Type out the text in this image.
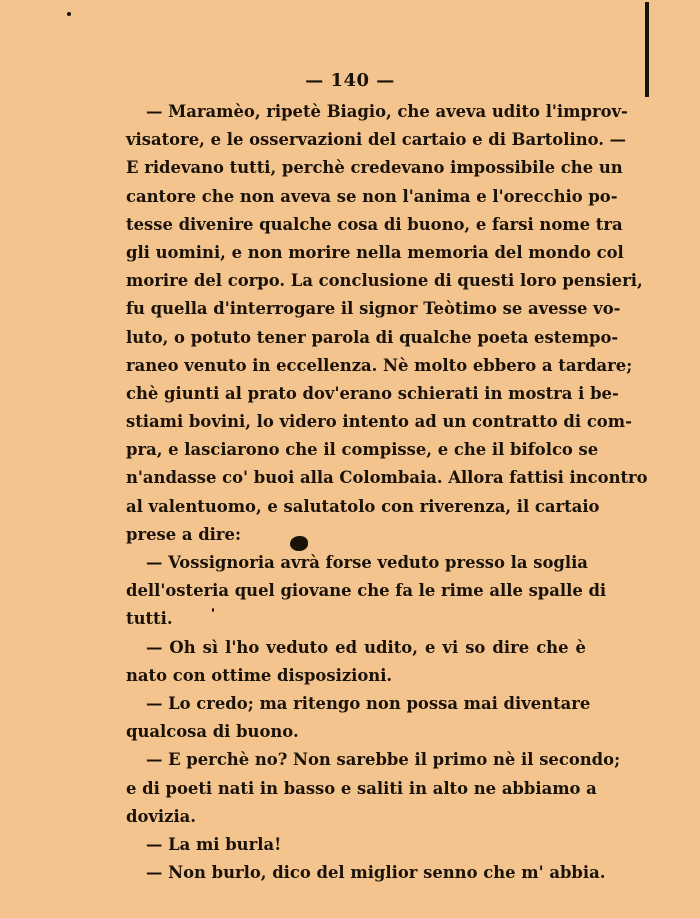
— 140 —
— Maramèo, ripetè Biagio, che aveva udito l'improv-
visatore, e le osservazioni del cartaio e di Bartolino. —
E ridevano tutti, perchè credevano impossibile che un
cantore che non aveva se non l'anima e l'orecchio po-
tesse divenire qualche cosa di buono, e farsi nome tra
gli uomini, e non morire nella memoria del mondo col
morire del corpo. La conclusione di questi loro pensieri,
fu quella d'interrogare il signor Teòtimo se avesse vo-
luto, o potuto tener parola di qualche poeta estempo-
raneo venuto in eccellenza. Nè molto ebbero a tardare;
chè giunti al prato dov'erano schierati in mostra i be-
stiami bovini, lo videro intento ad un contratto di com-
pra, e lasciarono che il compisse, e che il bifolco se
n'andasse co' buoi alla Colombaia. Allora fattisi incontro
al valentuomo, e salutatolo con riverenza, il cartaio
prese a dire:
— Vossignoria avrà forse veduto presso la soglia
dell'osteria quel giovane che fa le rime alle spalle di
tutti.
— Oh sì l'ho veduto ed udito, e vi so dire che è
nato con ottime disposizioni.
— Lo credo; ma ritengo non possa mai diventare
qualcosa di buono.
— E perchè no? Non sarebbe il primo nè il secondo;
e di poeti nati in basso e saliti in alto ne abbiamo a
dovizia.
— La mi burla!
— Non burlo, dico del miglior senno che m' abbia.
